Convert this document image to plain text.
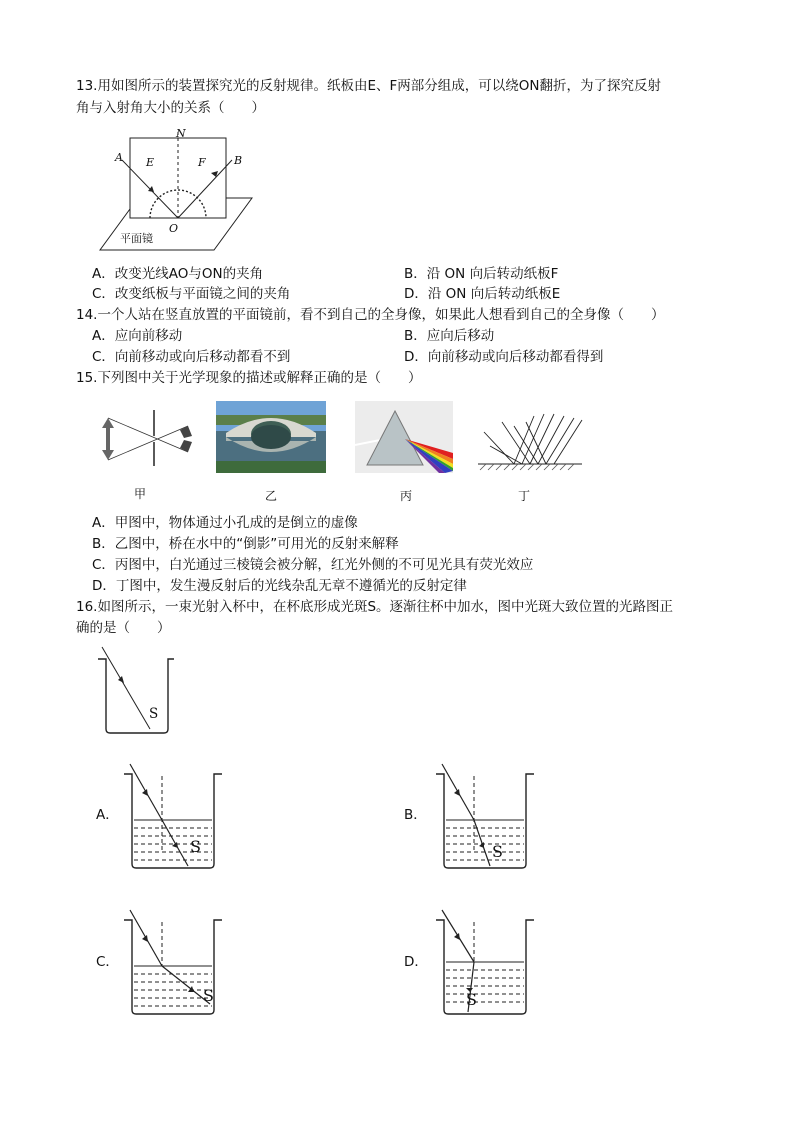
13.用如图所示的装置探究光的反射规律。纸板由E、F两部分组成，可以绕ON翻折，为了探究反射
角与入射角大小的关系（　　）
N
A E	F	B
O
平面镜
A．改变光线AO与ON的夹角	B．沿 ON 向后转动纸板F
C．改变纸板与平面镜之间的夹角	D．沿 ON 向后转动纸板E
14.一个人站在竖直放置的平面镜前，看不到自己的全身像，如果此人想看到自己的全身像（　　）
A．应向前移动	B．应向后移动
C．向前移动或向后移动都看不到	D．向前移动或向后移动都看得到
15.下列图中关于光学现象的描述或解释正确的是（　　）
甲	乙	丙	丁
A．甲图中，物体通过小孔成的是倒立的虚像
B．乙图中，桥在水中的“倒影”可用光的反射来解释
C．丙图中，白光通过三棱镜会被分解，红光外侧的不可见光具有荧光效应
D．丁图中，发生漫反射后的光线杂乱无章不遵循光的反射定律
16.如图所示，一束光射入杯中，在杯底形成光斑S。逐渐往杯中加水，图中光斑大致位置的光路图正
确的是（　　）
S
A．
S
B．
S
C．
S
D．
S
